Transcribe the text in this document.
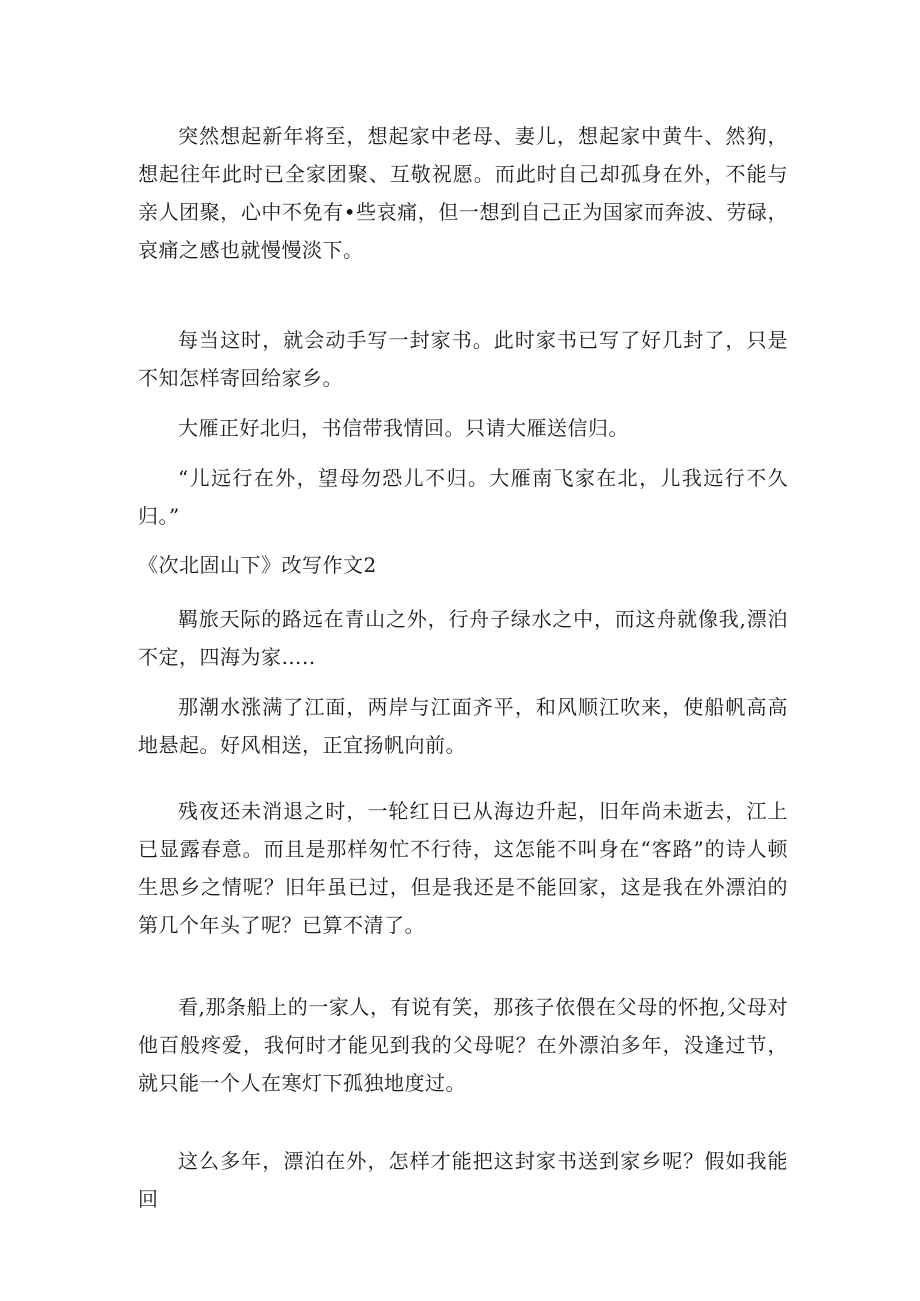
突然想起新年将至，想起家中老母、妻儿，想起家中黄牛、然狗，想起往年此时已全家团聚、互敬祝愿。而此时自己却孤身在外，不能与亲人团聚，心中不免有•些哀痛，但一想到自己正为国家而奔波、劳碌，哀痛之感也就慢慢淡下。

每当这时，就会动手写一封家书。此时家书已写了好几封了，只是不知怎样寄回给家乡。

大雁正好北归，书信带我情回。只请大雁送信归。

“儿远行在外，望母勿恐儿不归。大雁南飞家在北，儿我远行不久归。”

《次北固山下》改写作文2

羁旅天际的路远在青山之外，行舟子绿水之中，而这舟就像我,漂泊不定，四海为家…..

那潮水涨满了江面，两岸与江面齐平，和风顺江吹来，使船帆高高地悬起。好风相送，正宜扬帆向前。

残夜还未消退之时，一轮红日已从海边升起，旧年尚未逝去，江上已显露春意。而且是那样匆忙不行待，这怎能不叫身在“客路”的诗人顿生思乡之情呢？旧年虽已过，但是我还是不能回家，这是我在外漂泊的第几个年头了呢？已算不清了。

看,那条船上的一家人，有说有笑，那孩子依偎在父母的怀抱,父母对他百般疼爱，我何时才能见到我的父母呢？在外漂泊多年，没逢过节，就只能一个人在寒灯下孤独地度过。

这么多年，漂泊在外，怎样才能把这封家书送到家乡呢？假如我能回
